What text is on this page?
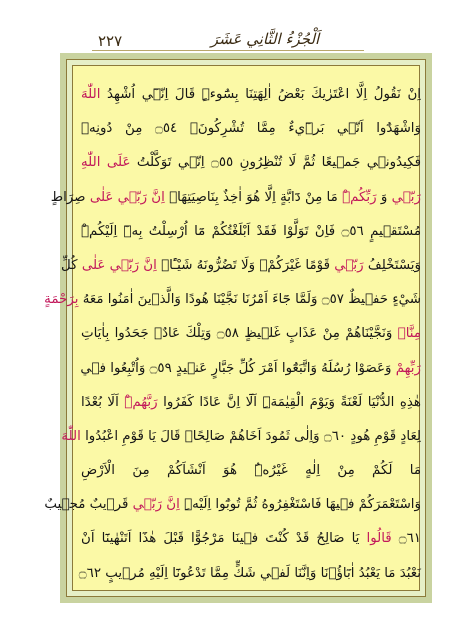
٢٢٧	اَلْجُزْءُ الثَّانِي عَشَرَ
اِنْ نَقُولُ اِلَّا اعْتَرٰيكَ بَعْضُ اٰلِهَتِنَا بِسُٓوءٍۜ قَالَ اِنّ۪ٓي اُشْهِدُ اللّٰهَ
وَاشْهَدُٓوا اَنّ۪ي بَر۪ٓيءٌ مِمَّا تُشْرِكُونَۙ ۝٥٤ مِنْ دُونِه۪
فَكِيدُون۪ي جَم۪يعًا ثُمَّ لَا تُنْظِرُونِ ۝٥٥ اِنّ۪ي تَوَكَّلْتُ عَلَى اللّٰهِ
رَبّ۪ي وَ رَبِّكُمْۜ مَا مِنْ دَٓابَّةٍ اِلَّا هُوَ اٰخِذٌ بِنَاصِيَتِهَاۜ اِنَّ رَبّ۪ي عَلٰى صِرَاطٍ
مُسْتَق۪يمٍ ۝٥٦ فَاِنْ تَوَلَّوْا فَقَدْ اَبْلَغْتُكُمْ مَٓا اُرْسِلْتُ بِه۪ٓ اِلَيْكُمْۜ
وَيَسْتَخْلِفُ رَبّ۪ي قَوْمًا غَيْرَكُمْۚ وَلَا تَضُرُّونَهُ شَيْـًٔاۜ اِنَّ رَبّ۪ي عَلٰى كُلِّ
شَيْءٍ حَف۪يظٌ ۝٥٧ وَلَمَّا جَٓاءَ اَمْرُنَا نَجَّيْنَا هُودًا وَالَّذ۪ينَ اٰمَنُوا مَعَهُ بِرَحْمَةٍ
مِنَّاۚ وَنَجَّيْنَاهُمْ مِنْ عَذَابٍ غَل۪يظٍ ۝٥٨ وَتِلْكَ عَادٌۗ جَحَدُوا بِاٰيَاتِ
رَبِّهِمْ وَعَصَوْا رُسُلَهُ وَاتَّبَعُٓوا اَمْرَ كُلِّ جَبَّارٍ عَن۪يدٍ ۝٥٩ وَاُتْبِعُوا ف۪ي
هٰذِهِ الدُّنْيَا لَعْنَةً وَيَوْمَ الْقِيٰمَةِۜ اَلَٓا اِنَّ عَادًا كَفَرُوا رَبَّهُمْۜ اَلَا بُعْدًا
لِعَادٍ قَوْمِ هُودٍ ۝٦٠ وَاِلٰى ثَمُودَ اَخَاهُمْ صَالِحًاۢ قَالَ يَا قَوْمِ اعْبُدُوا اللّٰهَ
مَا لَكُمْ مِنْ اِلٰهٍ غَيْرُهُۜ هُوَ اَنْشَاَكُمْ مِنَ الْاَرْضِ
وَاسْتَعْمَرَكُمْ ف۪يهَا فَاسْتَغْفِرُوهُ ثُمَّ تُوبُٓوا اِلَيْهِۜ اِنَّ رَبّ۪ي قَر۪يبٌ مُج۪يبٌ
۝٦١ قَالُوا يَا صَالِحُ قَدْ كُنْتَ ف۪ينَا مَرْجُوًّا قَبْلَ هٰذَٓا اَتَنْهٰينَٓا اَنْ
نَعْبُدَ مَا يَعْبُدُ اٰبَٓاؤُ۬نَا وَاِنَّنَا لَف۪ي شَكٍّ مِمَّا تَدْعُونَٓا اِلَيْهِ مُر۪يبٍ ۝٦٢
